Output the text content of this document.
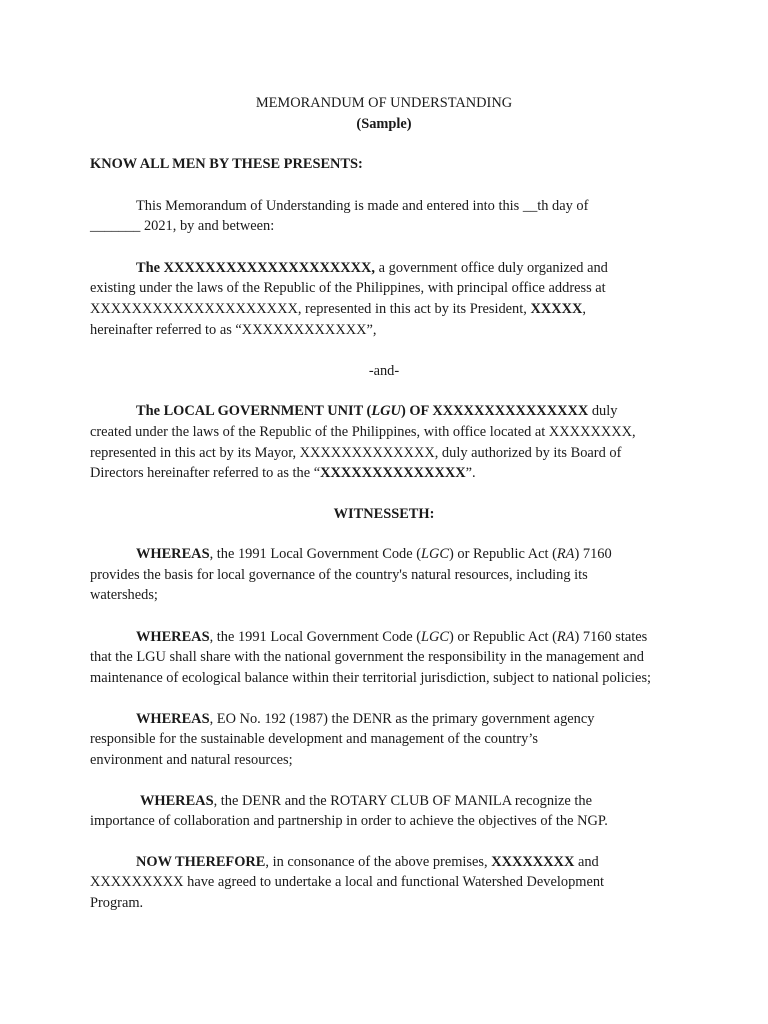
MEMORANDUM OF UNDERSTANDING
(Sample)
KNOW ALL MEN BY THESE PRESENTS:
This Memorandum of Understanding is made and entered into this __th day of
_______ 2021, by and between:
The XXXXXXXXXXXXXXXXXXXX, a government office duly organized and
existing under the laws of the Republic of the Philippines, with principal office address at
XXXXXXXXXXXXXXXXXXXX, represented in this act by its President, XXXXX,
hereinafter referred to as “XXXXXXXXXXXX”,
-and-
The LOCAL GOVERNMENT UNIT (LGU) OF XXXXXXXXXXXXXXX duly
created under the laws of the Republic of the Philippines, with office located at XXXXXXXX,
represented in this act by its Mayor, XXXXXXXXXXXXX, duly authorized by its Board of
Directors hereinafter referred to as the “XXXXXXXXXXXXXX”.
WITNESSETH:
WHEREAS, the 1991 Local Government Code (LGC) or Republic Act (RA) 7160
provides the basis for local governance of the country's natural resources, including its
watersheds;
WHEREAS, the 1991 Local Government Code (LGC) or Republic Act (RA) 7160 states
that the LGU shall share with the national government the responsibility in the management and
maintenance of ecological balance within their territorial jurisdiction, subject to national policies;
WHEREAS, EO No. 192 (1987) the DENR as the primary government agency
responsible for the sustainable development and management of the country’s
environment and natural resources;
WHEREAS, the DENR and the ROTARY CLUB OF MANILA recognize the
importance of collaboration and partnership in order to achieve the objectives of the NGP.
NOW THEREFORE, in consonance of the above premises, XXXXXXXX and
XXXXXXXXX have agreed to undertake a local and functional Watershed Development
Program.
